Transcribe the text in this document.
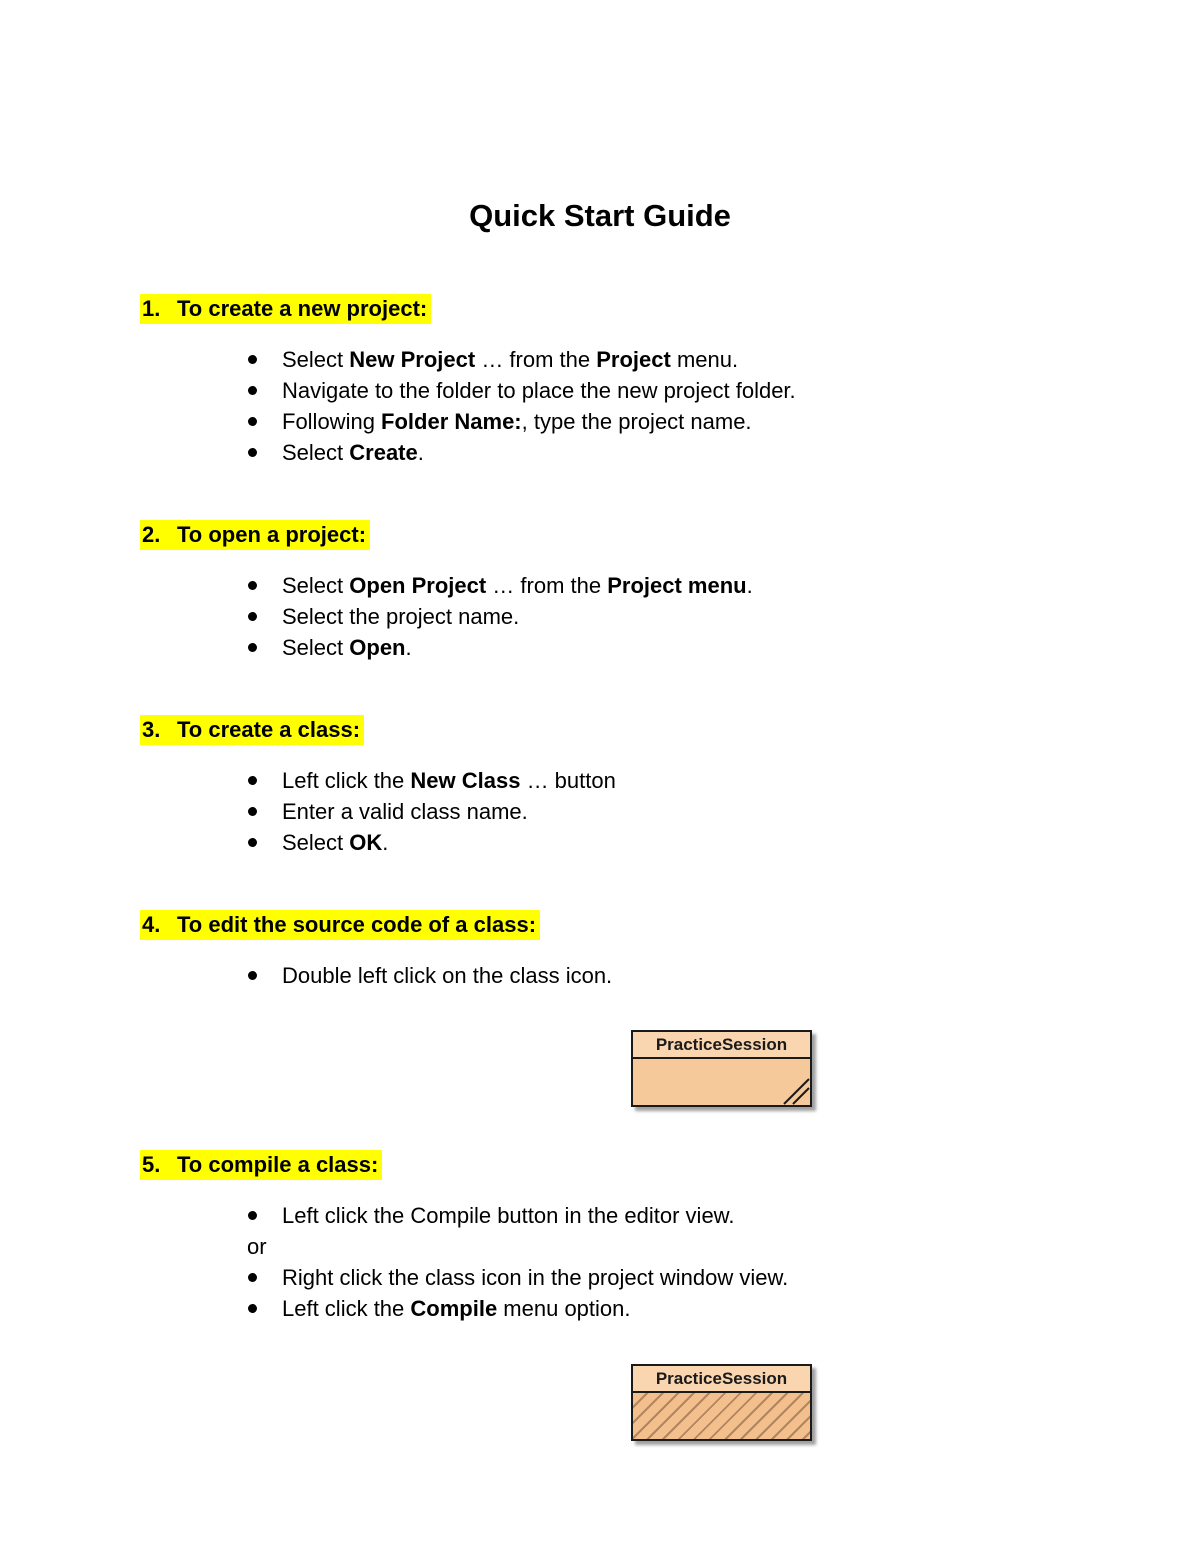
Quick Start Guide
1. To create a new project:
Select New Project … from the Project menu.
Navigate to the folder to place the new project folder.
Following Folder Name:, type the project name.
Select Create.
2. To open a project:
Select Open Project … from the Project menu.
Select the project name.
Select Open.
3. To create a class:
Left click the New Class … button
Enter a valid class name.
Select OK.
4. To edit the source code of a class:
Double left click on the class icon.
PracticeSession
5. To compile a class:
Left click the Compile button in the editor view.
or
Right click the class icon in the project window view.
Left click the Compile menu option.
PracticeSession
